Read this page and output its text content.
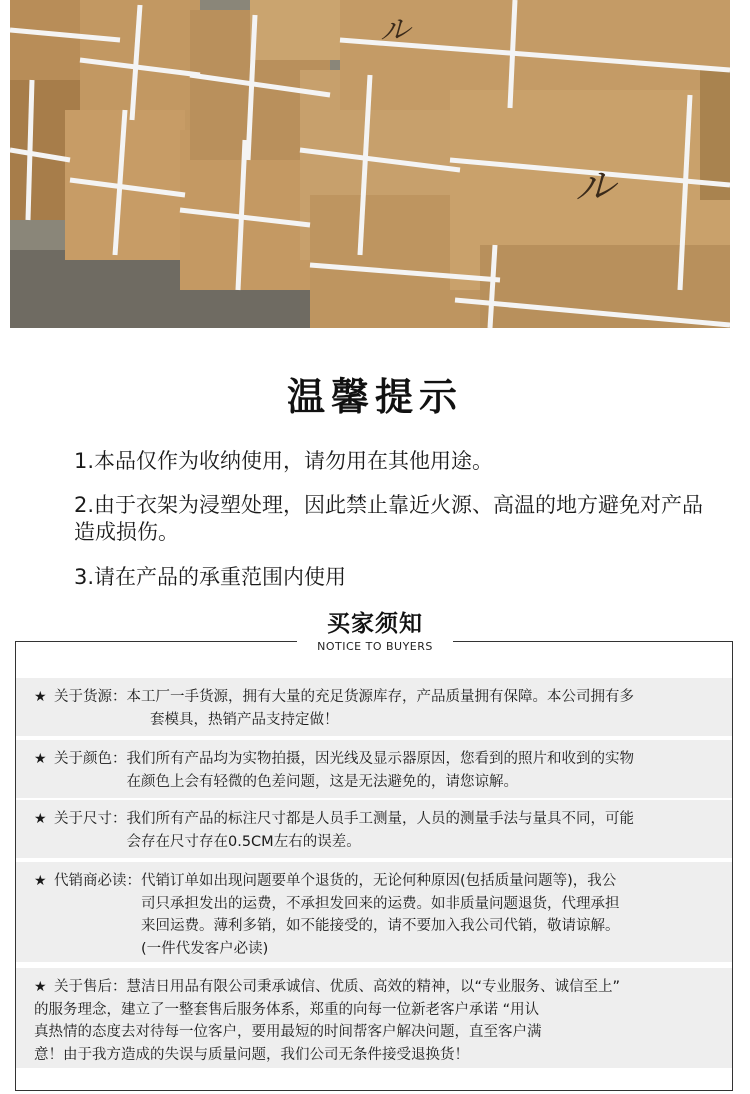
ル
ル
温馨提示
1.本品仅作为收纳使用，请勿用在其他用途。
2.由于衣架为浸塑处理，因此禁止靠近火源、高温的地方避免对产品造成损伤。
3.请在产品的承重范围内使用
买家须知
NOTICE TO BUYERS
★ 关于货源： 本工厂一手货源，拥有大量的充足货源库存，产品质量拥有保障。本公司拥有多
套模具，热销产品支持定做！
★ 关于颜色： 我们所有产品均为实物拍摄，因光线及显示器原因，您看到的照片和收到的实物
在颜色上会有轻微的色差问题，这是无法避免的，请您谅解。
★ 关于尺寸： 我们所有产品的标注尺寸都是人员手工测量，人员的测量手法与量具不同，可能
会存在尺寸存在0.5CM左右的误差。
★ 代销商必读： 代销订单如出现问题要单个退货的，无论何种原因(包括质量问题等)，我公
司只承担发出的运费，不承担发回来的运费。如非质量问题退货，代理承担
来回运费。薄利多销，如不能接受的，请不要加入我公司代销，敬请谅解。
(一件代发客户必读)
★ 关于售后： 慧洁日用品有限公司秉承诚信、优质、高效的精神，以“专业服务、诚信至上”
的服务理念，建立了一整套售后服务体系，郑重的向每一位新老客户承诺 “用认
真热情的态度去对待每一位客户，要用最短的时间帮客户解决问题，直至客户满
意！由于我方造成的失误与质量问题，我们公司无条件接受退换货！
